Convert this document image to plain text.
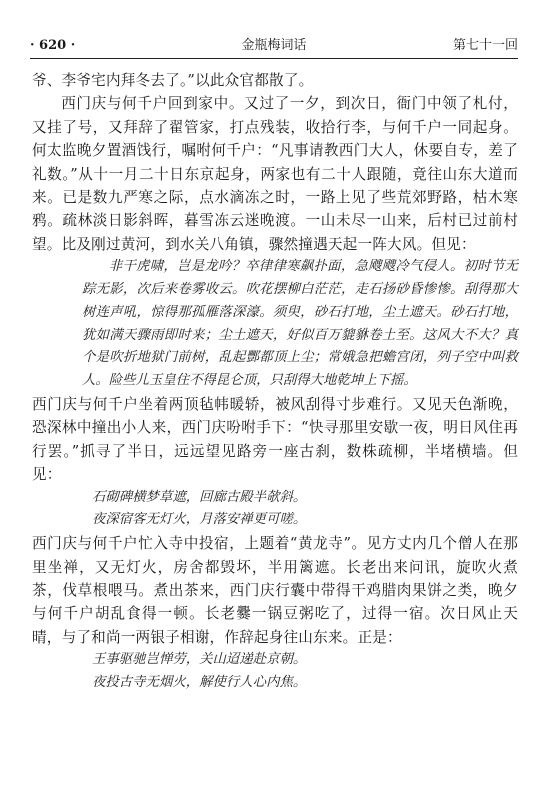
金瓶梅词话
· 620 ·	第七十一回

爷、李爷宅内拜冬去了。”以此众官都散了。

西门庆与何千户回到家中。又过了一夕，到次日，衙门中领了札付，又挂了号，又拜辞了翟管家，打点残装，收拾行李，与何千户一同起身。何太监晚夕置酒饯行，嘱咐何千户：“凡事请教西门大人，休要自专，差了礼数。”从十一月二十日东京起身，两家也有二十人跟随，竟往山东大道而来。已是数九严寒之际，点水滴冻之时，一路上见了些荒郊野路，枯木寒鸦。疏林淡日影斜晖，暮雪冻云迷晚渡。一山未尽一山来，后村已过前村望。比及刚过黄河，到水关八角镇，骤然撞遇天起一阵大风。但见：

非干虎啸，岂是龙吟？卒律律寒飙扑面，急飕飕冷气侵人。初时节无踪无影，次后来卷雾收云。吹花摆柳白茫茫，走石扬砂昏惨惨。刮得那大树连声吼，惊得那孤雁落深濠。须臾，砂石打地，尘土遮天。砂石打地，犹如满天骤雨即时来；尘土遮天，好似百万貔貅卷土至。这风大不大？真个是吹折地狱门前树，乱起酆都顶上尘；常娥急把蟾宫闭，列子空中叫救人。险些儿玉皇住不得昆仑顶，只刮得大地乾坤上下摇。

西门庆与何千户坐着两顶毡帏暖轿，被风刮得寸步难行。又见天色渐晚，恐深林中撞出小人来，西门庆吩咐手下：“快寻那里安歇一夜，明日风住再行罢。”抓寻了半日，远远望见路旁一座古刹，数株疏柳，半堵横墙。但见：

石砌碑横梦草遮，回廊古殿半欹斜。

夜深宿客无灯火，月落安禅更可嗟。

西门庆与何千户忙入寺中投宿，上题着“黄龙寺”。见方丈内几个僧人在那里坐禅，又无灯火，房舍都毁坏，半用篱遮。长老出来问讯，旋吹火煮茶，伐草根喂马。煮出茶来，西门庆行囊中带得干鸡腊肉果饼之类，晚夕与何千户胡乱食得一顿。长老爨一锅豆粥吃了，过得一宿。次日风止天晴，与了和尚一两银子相谢，作辞起身往山东来。正是：

王事驱驰岂惮劳，关山迢递赴京朝。

夜投古寺无烟火，解使行人心内焦。
